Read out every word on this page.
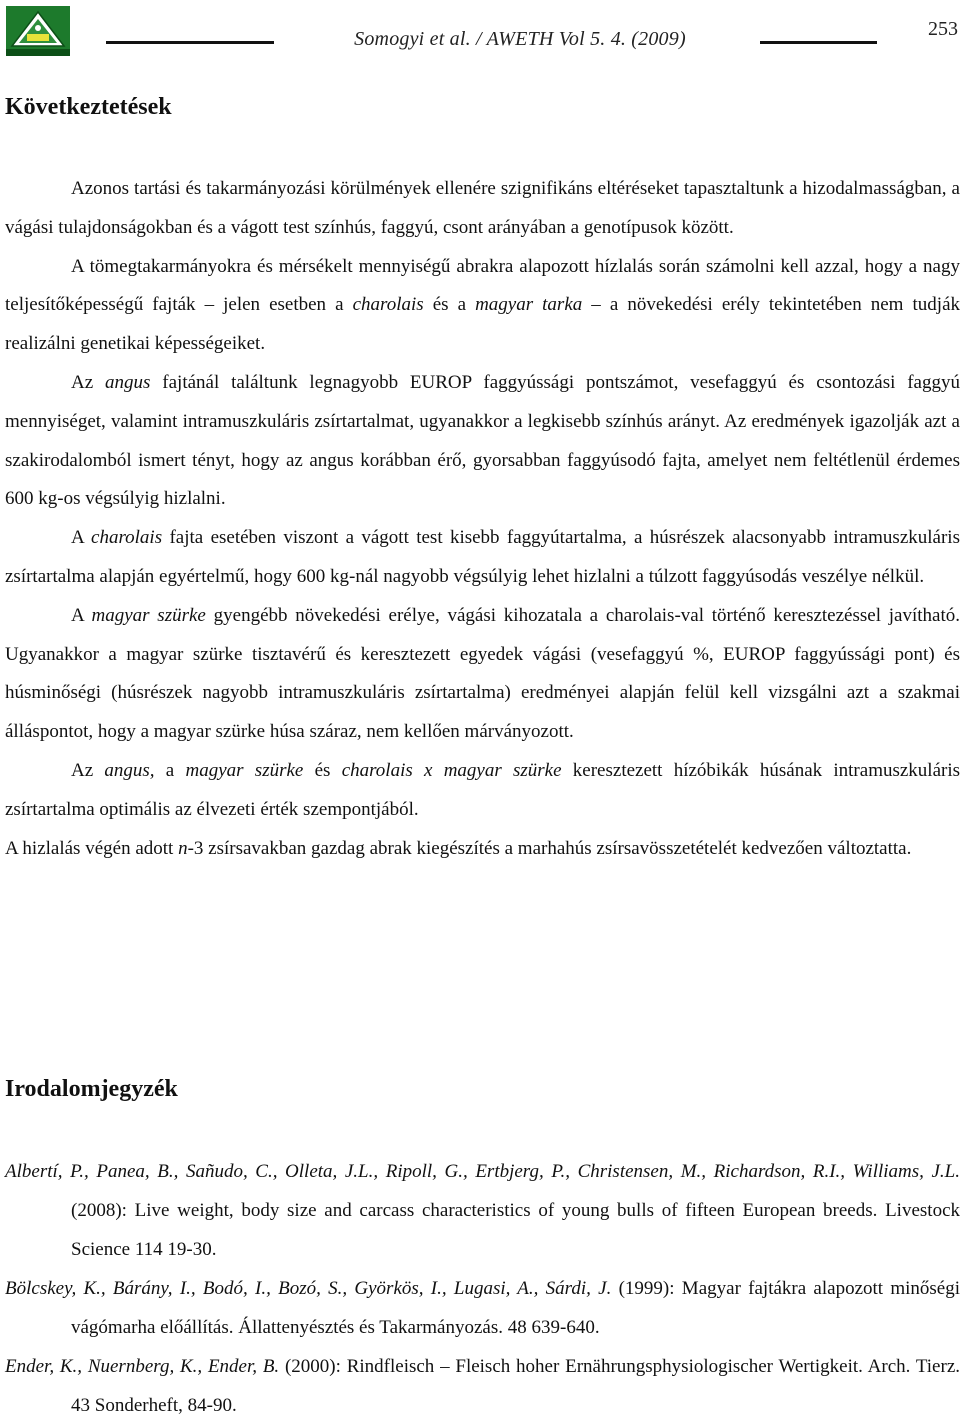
Somogyi et al. / AWETH Vol 5. 4. (2009)	253
Következtetések

Azonos tartási és takarmányozási körülmények ellenére szignifikáns eltéréseket tapasztaltunk a hizodalmasságban, a vágási tulajdonságokban és a vágott test színhús, faggyú, csont arányában a genotípusok között.

A tömegtakarmányokra és mérsékelt mennyiségű abrakra alapozott hízlalás során számolni kell azzal, hogy a nagy teljesítőképességű fajták – jelen esetben a charolais és a magyar tarka – a növekedési erély tekintetében nem tudják realizálni genetikai képességeiket.

Az angus fajtánál találtunk legnagyobb EUROP faggyússági pontszámot, vesefaggyú és csontozási faggyú mennyiséget, valamint intramuszkuláris zsírtartalmat, ugyanakkor a legkisebb színhús arányt. Az eredmények igazolják azt a szakirodalomból ismert tényt, hogy az angus korábban érő, gyorsabban faggyúsodó fajta, amelyet nem feltétlenül érdemes 600 kg-os végsúlyig hizlalni.

A charolais fajta esetében viszont a vágott test kisebb faggyútartalma, a húsrészek alacsonyabb intramuszkuláris zsírtartalma alapján egyértelmű, hogy 600 kg-nál nagyobb végsúlyig lehet hizlalni a túlzott faggyúsodás veszélye nélkül.

A magyar szürke gyengébb növekedési erélye, vágási kihozatala a charolais-val történő keresztezéssel javítható. Ugyanakkor a magyar szürke tisztavérű és keresztezett egyedek vágási (vesefaggyú %, EUROP faggyússági pont) és húsminőségi (húsrészek nagyobb intramuszkuláris zsírtartalma) eredményei alapján felül kell vizsgálni azt a szakmai álláspontot, hogy a magyar szürke húsa száraz, nem kellően márványozott.

Az angus, a magyar szürke és charolais x magyar szürke keresztezett hízóbikák húsának intramuszkuláris zsírtartalma optimális az élvezeti érték szempontjából.

A hizlalás végén adott n-3 zsírsavakban gazdag abrak kiegészítés a marhahús zsírsavösszetételét kedvezően változtatta.

Irodalomjegyzék

Albertí, P., Panea, B., Sañudo, C., Olleta, J.L., Ripoll, G., Ertbjerg, P., Christensen, M., Richardson, R.I., Williams, J.L. (2008): Live weight, body size and carcass characteristics of young bulls of fifteen European breeds. Livestock Science 114 19-30.

Bölcskey, K., Bárány, I., Bodó, I., Bozó, S., Györkös, I., Lugasi, A., Sárdi, J. (1999): Magyar fajtákra alapozott minőségi vágómarha előállítás. Állattenyésztés és Takarmányozás. 48 639-640.

Ender, K., Nuernberg, K., Ender, B. (2000): Rindfleisch – Fleisch hoher Ernährungsphysiologischer Wertigkeit. Arch. Tierz. 43 Sonderheft, 84-90.
